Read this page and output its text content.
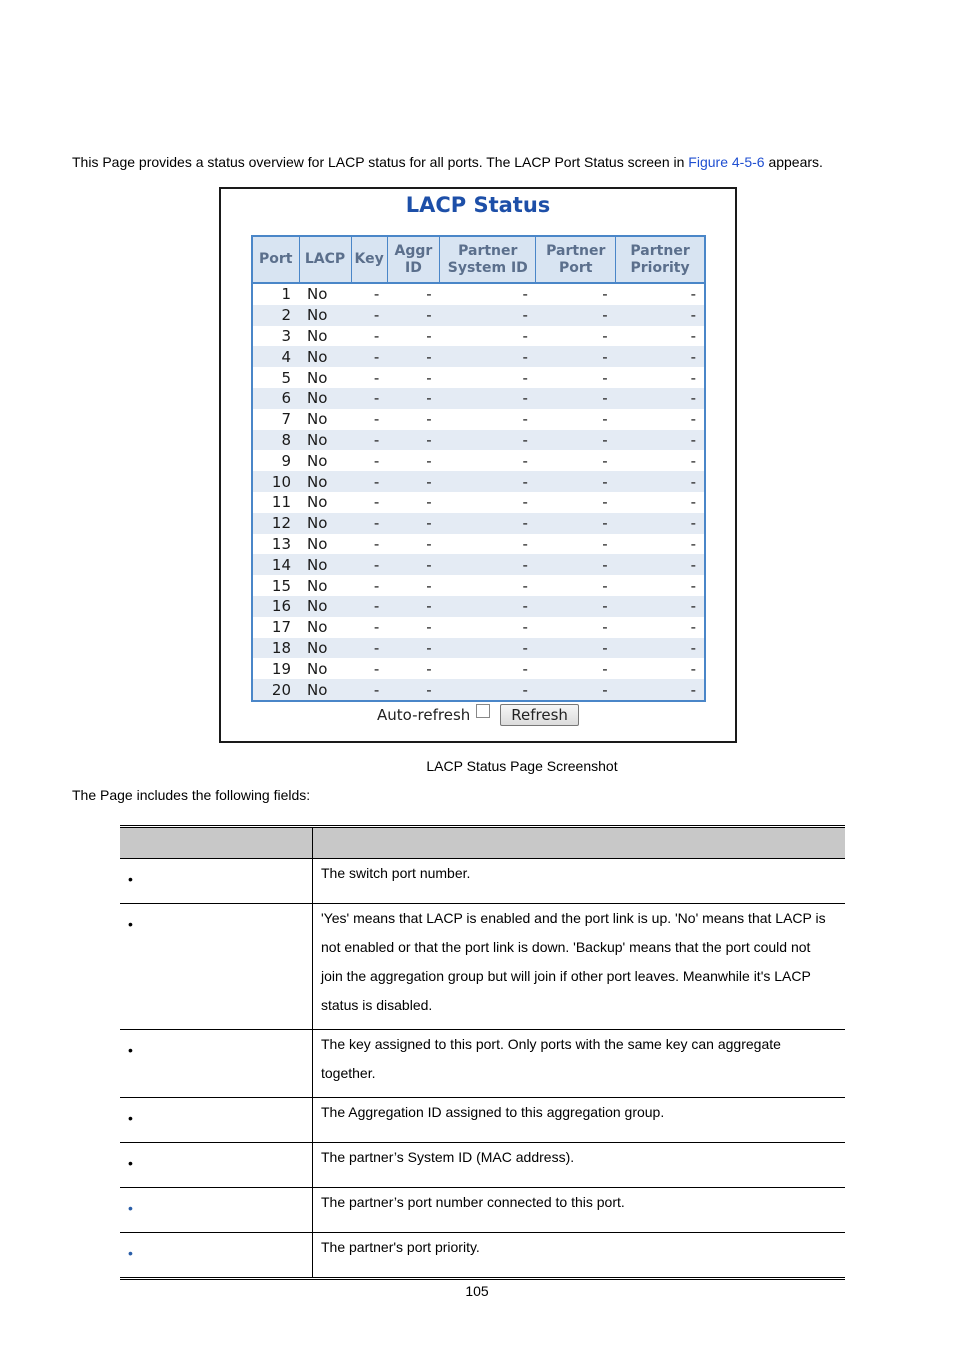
This Page provides a status overview for LACP status for all ports. The LACP Port Status screen in Figure 4-5-6 appears.
LACP Status
Port	LACP	Key	Aggr ID	Partner System ID	Partner Port	Partner Priority
1	No	-	-	-	-	-
2	No	-	-	-	-	-
3	No	-	-	-	-	-
4	No	-	-	-	-	-
5	No	-	-	-	-	-
6	No	-	-	-	-	-
7	No	-	-	-	-	-
8	No	-	-	-	-	-
9	No	-	-	-	-	-
10	No	-	-	-	-	-
11	No	-	-	-	-	-
12	No	-	-	-	-	-
13	No	-	-	-	-	-
14	No	-	-	-	-	-
15	No	-	-	-	-	-
16	No	-	-	-	-	-
17	No	-	-	-	-	-
18	No	-	-	-	-	-
19	No	-	-	-	-	-
20	No	-	-	-	-	-
Auto-refresh	Refresh
LACP Status Page Screenshot
The Page includes the following fields:

•	The switch port number.

•	'Yes' means that LACP is enabled and the port link is up. 'No' means that LACP is
not enabled or that the port link is down. 'Backup' means that the port could not
join the aggregation group but will join if other port leaves. Meanwhile it's LACP
status is disabled.

•	The key assigned to this port. Only ports with the same key can aggregate
together.

•	The Aggregation ID assigned to this aggregation group.

•	The partner’s System ID (MAC address).

•	The partner’s port number connected to this port.

•	The partner's port priority.
105
